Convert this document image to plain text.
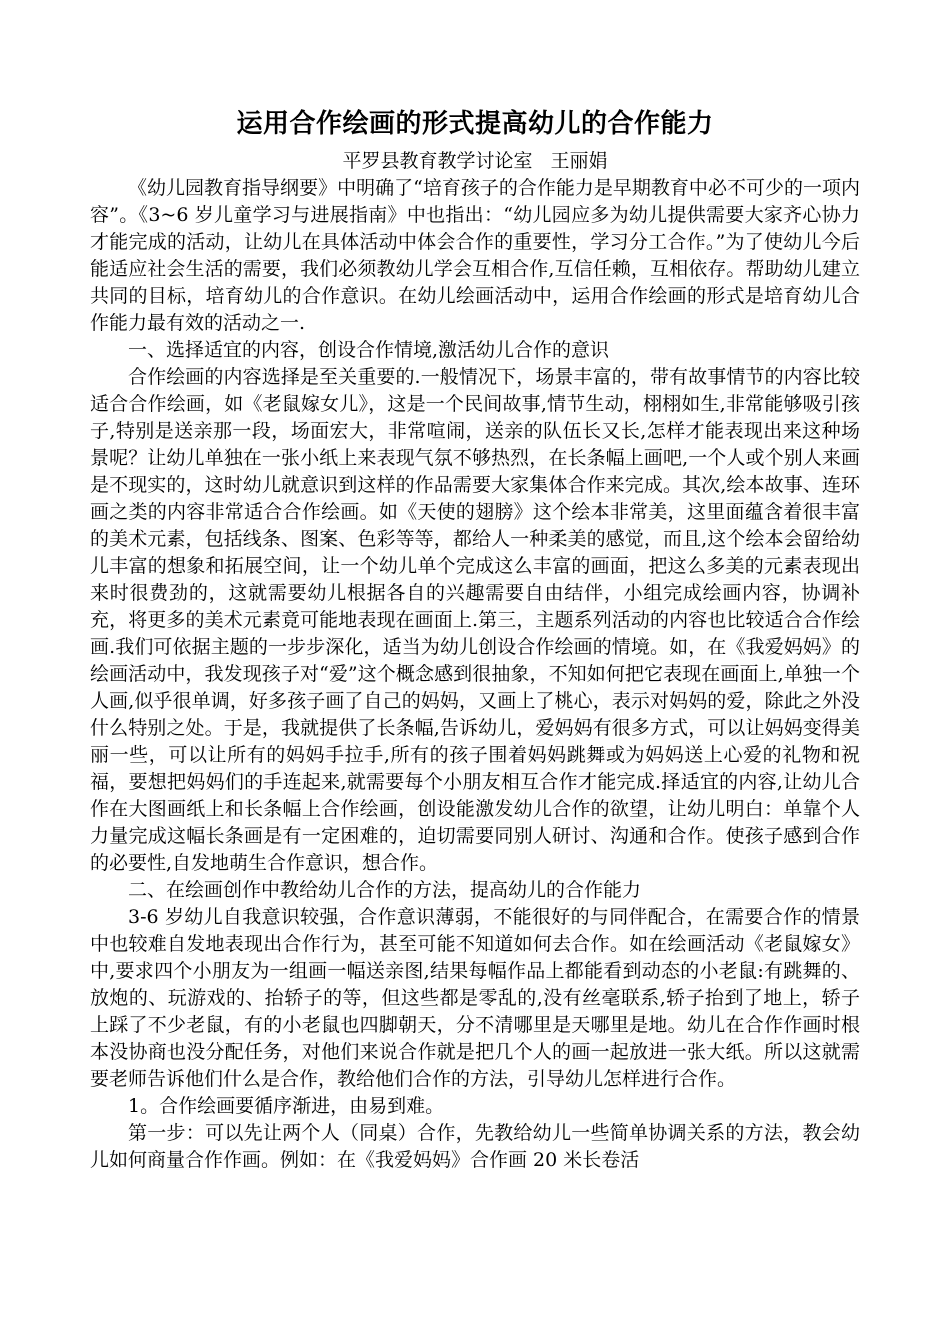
运用合作绘画的形式提高幼儿的合作能力

平罗县教育教学讨论室   王丽娟

《幼儿园教育指导纲要》中明确了“培育孩子的合作能力是早期教育中必不可少的一项内容”。《3~6 岁儿童学习与进展指南》中也指出：“幼儿园应多为幼儿提供需要大家齐心协力才能完成的活动，让幼儿在具体活动中体会合作的重要性，学习分工合作。”为了使幼儿今后能适应社会生活的需要，我们必须教幼儿学会互相合作,互信任赖，互相依存。帮助幼儿建立共同的目标，培育幼儿的合作意识。在幼儿绘画活动中，运用合作绘画的形式是培育幼儿合作能力最有效的活动之一.

一、选择适宜的内容，创设合作情境,激活幼儿合作的意识

合作绘画的内容选择是至关重要的.一般情况下，场景丰富的，带有故事情节的内容比较适合合作绘画，如《老鼠嫁女儿》，这是一个民间故事,情节生动，栩栩如生,非常能够吸引孩子,特别是送亲那一段，场面宏大，非常喧闹，送亲的队伍长又长,怎样才能表现出来这种场景呢？让幼儿单独在一张小纸上来表现气氛不够热烈，在长条幅上画吧,一个人或个别人来画是不现实的，这时幼儿就意识到这样的作品需要大家集体合作来完成。其次,绘本故事、连环画之类的内容非常适合合作绘画。如《天使的翅膀》这个绘本非常美，这里面蕴含着很丰富的美术元素，包括线条、图案、色彩等等，都给人一种柔美的感觉，而且,这个绘本会留给幼儿丰富的想象和拓展空间，让一个幼儿单个完成这么丰富的画面，把这么多美的元素表现出来时很费劲的，这就需要幼儿根据各自的兴趣需要自由结伴，小组完成绘画内容，协调补充，将更多的美术元素竟可能地表现在画面上.第三，主题系列活动的内容也比较适合合作绘画.我们可依据主题的一步步深化，适当为幼儿创设合作绘画的情境。如，在《我爱妈妈》的绘画活动中，我发现孩子对“爱”这个概念感到很抽象，不知如何把它表现在画面上,单独一个人画,似乎很单调，好多孩子画了自己的妈妈，又画上了桃心，表示对妈妈的爱，除此之外没什么特别之处。于是，我就提供了长条幅,告诉幼儿，爱妈妈有很多方式，可以让妈妈变得美丽一些，可以让所有的妈妈手拉手,所有的孩子围着妈妈跳舞或为妈妈送上心爱的礼物和祝福，要想把妈妈们的手连起来,就需要每个小朋友相互合作才能完成.择适宜的内容,让幼儿合作在大图画纸上和长条幅上合作绘画，创设能激发幼儿合作的欲望，让幼儿明白：单靠个人力量完成这幅长条画是有一定困难的，迫切需要同别人研讨、沟通和合作。使孩子感到合作的必要性,自发地萌生合作意识，想合作。

二、在绘画创作中教给幼儿合作的方法，提高幼儿的合作能力

3-6 岁幼儿自我意识较强，合作意识薄弱，不能很好的与同伴配合，在需要合作的情景中也较难自发地表现出合作行为，甚至可能不知道如何去合作。如在绘画活动《老鼠嫁女》中,要求四个小朋友为一组画一幅送亲图,结果每幅作品上都能看到动态的小老鼠:有跳舞的、放炮的、玩游戏的、抬轿子的等，但这些都是零乱的,没有丝毫联系,轿子抬到了地上，轿子上踩了不少老鼠，有的小老鼠也四脚朝天，分不清哪里是天哪里是地。幼儿在合作作画时根本没协商也没分配任务，对他们来说合作就是把几个人的画一起放进一张大纸。所以这就需要老师告诉他们什么是合作，教给他们合作的方法，引导幼儿怎样进行合作。

1。合作绘画要循序渐进，由易到难。

第一步：可以先让两个人（同桌）合作，先教给幼儿一些简单协调关系的方法，教会幼儿如何商量合作作画。例如：在《我爱妈妈》合作画 20 米长卷活
